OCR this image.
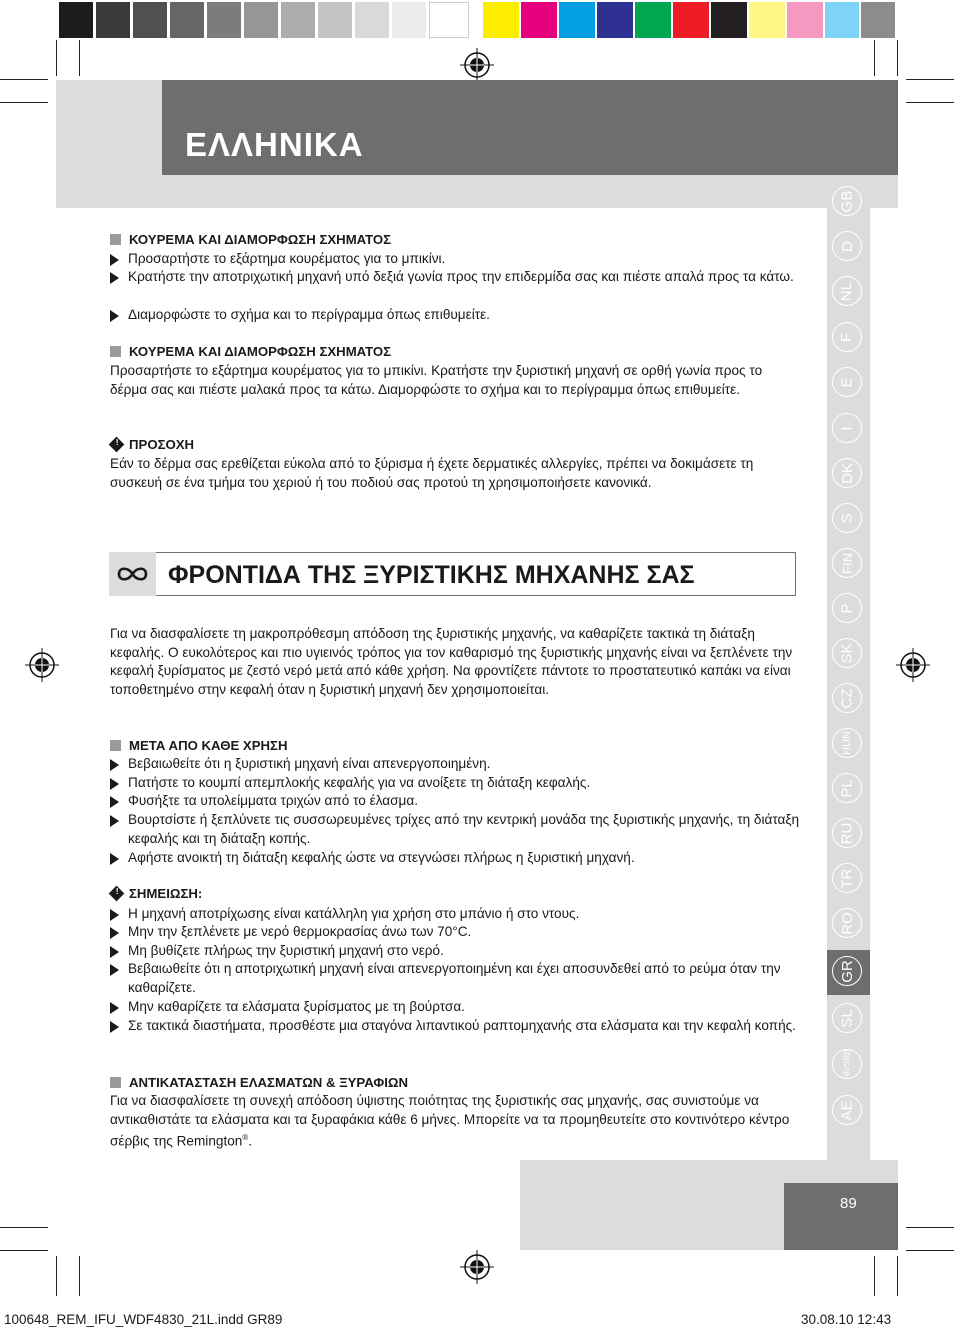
ΕΛΛΗΝΙΚΑ
GB
D
NL
F
E
I
DK
S
FIN
P
SK
CZ
HUN
PL
RU
TR
RO
GR
SL
HR/SRB
AE
ΚΟΥΡΕΜΑ ΚΑΙ ΔΙΑΜΟΡΦΩΣΗ ΣΧΗΜΑΤΟΣ
Προσαρτήστε το εξάρτημα κουρέματος για το μπικίνι.
Κρατήστε την αποτριχωτική μηχανή υπό δεξιά γωνία προς την επιδερμίδα σας και πιέστε απαλά προς τα κάτω.
Διαμορφώστε το σχήμα και το περίγραμμα όπως επιθυμείτε.
ΚΟΥΡΕΜΑ ΚΑΙ ΔΙΑΜΟΡΦΩΣΗ ΣΧΗΜΑΤΟΣ
Προσαρτήστε το εξάρτημα κουρέματος για το μπικίνι. Κρατήστε την ξυριστική μηχανή σε ορθή γωνία προς το δέρμα σας και πιέστε μαλακά προς τα κάτω. Διαμορφώστε το σχήμα και το περίγραμμα όπως επιθυμείτε.
!
ΠΡΟΣΟΧΗ
Εάν το δέρμα σας ερεθίζεται εύκολα από το ξύρισμα ή έχετε δερματικές αλλεργίες, πρέπει να δοκιμάσετε τη συσκευή σε ένα τμήμα του χεριού ή του ποδιού σας προτού τη χρησιμοποιήσετε κανονικά.
ΦΡΟΝΤΙΔΑ ΤΗΣ ΞΥΡΙΣΤΙΚΗΣ ΜΗΧΑΝΗΣ ΣΑΣ
Για να διασφαλίσετε τη μακροπρόθεσμη απόδοση της ξυριστικής μηχανής, να καθαρίζετε τακτικά τη διάταξη κεφαλής. Ο ευκολότερος και πιο υγιεινός τρόπος για τον καθαρισμό της ξυριστικής μηχανής είναι να ξεπλένετε την κεφαλή ξυρίσματος με ζεστό νερό μετά από κάθε χρήση. Να φροντίζετε πάντοτε το προστατευτικό καπάκι να είναι τοποθετημένο στην κεφαλή όταν η ξυριστική μηχανή δεν χρησιμοποιείται.
ΜΕΤΑ ΑΠΟ ΚΑΘΕ ΧΡΗΣΗ
Βεβαιωθείτε ότι η ξυριστική μηχανή είναι απενεργοποιημένη.
Πατήστε το κουμπί απεμπλοκής κεφαλής για να ανοίξετε τη διάταξη κεφαλής.
Φυσήξτε τα υπολείμματα τριχών από το έλασμα.
Βουρτσίστε ή ξεπλύνετε τις συσσωρευμένες τρίχες από την κεντρική μονάδα της ξυριστικής μηχανής, τη διάταξη κεφαλής και τη διάταξη κοπής.
Αφήστε ανοικτή τη διάταξη κεφαλής ώστε να στεγνώσει πλήρως η ξυριστική μηχανή.
!
ΣΗΜΕΙΩΣΗ:
Η μηχανή αποτρίχωσης είναι κατάλληλη για χρήση στο μπάνιο ή στο ντους.
Μην την ξεπλένετε με νερό θερμοκρασίας άνω των 70°C.
Μη βυθίζετε πλήρως την ξυριστική μηχανή στο νερό.
Βεβαιωθείτε ότι η αποτριχωτική μηχανή είναι απενεργοποιημένη και έχει αποσυνδεθεί από το ρεύμα όταν την καθαρίζετε.
Μην καθαρίζετε τα ελάσματα ξυρίσματος με τη βούρτσα.
Σε τακτικά διαστήματα, προσθέστε μια σταγόνα λιπαντικού ραπτομηχανής στα ελάσματα και την κεφαλή κοπής.
ΑΝΤΙΚΑΤΑΣΤΑΣΗ ΕΛΑΣΜΑΤΩΝ & ΞΥΡΑΦΙΩΝ
Για να διασφαλίσετε τη συνεχή απόδοση ύψιστης ποιότητας της ξυριστικής σας μηχανής, σας συνιστούμε να αντικαθιστάτε τα ελάσματα και τα ξυραφάκια κάθε 6 μήνες. Μπορείτε να τα προμηθευτείτε στο κοντινότερο κέντρο σέρβις της Remington®.
89
100648_REM_IFU_WDF4830_21L.indd GR89	30.08.10 12:43
